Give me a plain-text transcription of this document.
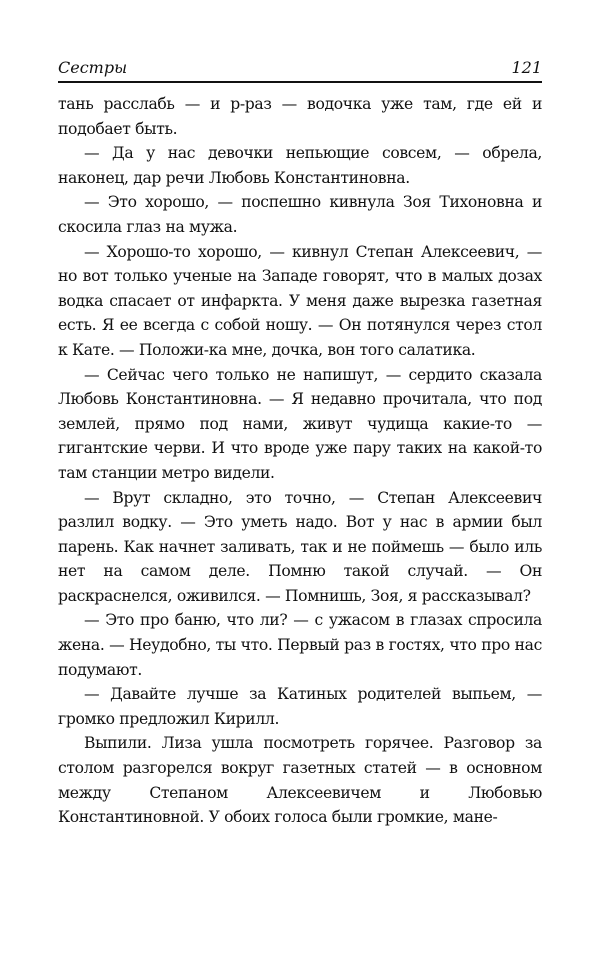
Сестры	121

тань расслабь — и р-раз — водочка уже там, где ей и подобает быть.

— Да у нас девочки непьющие совсем, — обрела, наконец, дар речи Любовь Константиновна.

— Это хорошо, — поспешно кивнула Зоя Тихоновна и скосила глаз на мужа.

— Хорошо-то хорошо, — кивнул Степан Алексеевич, — но вот только ученые на Западе говорят, что в малых дозах водка спасает от инфаркта. У меня даже вырезка газетная есть. Я ее всегда с собой ношу. — Он потянулся через стол к Кате. — Положи-ка мне, дочка, вон того салатика.

— Сейчас чего только не напишут, — сердито сказала Любовь Константиновна. — Я недавно прочитала, что под землей, прямо под нами, живут чудища какие-то — гигантские черви. И что вроде уже пару таких на какой-то там станции метро видели.

— Врут складно, это точно, — Степан Алексеевич разлил водку. — Это уметь надо. Вот у нас в армии был парень. Как начнет заливать, так и не поймешь — было иль нет на самом деле. Помню такой случай. — Он раскраснелся, оживился. — Помнишь, Зоя, я рассказывал?

— Это про баню, что ли? — с ужасом в глазах спросила жена. — Неудобно, ты что. Первый раз в гостях, что про нас подумают.

— Давайте лучше за Катиных родителей выпьем, — громко предложил Кирилл.

Выпили. Лиза ушла посмотреть горячее. Разговор за столом разгорелся вокруг газетных статей — в основном между Степаном Алексеевичем и Любовью Константиновной. У обоих голоса были громкие, мане-
